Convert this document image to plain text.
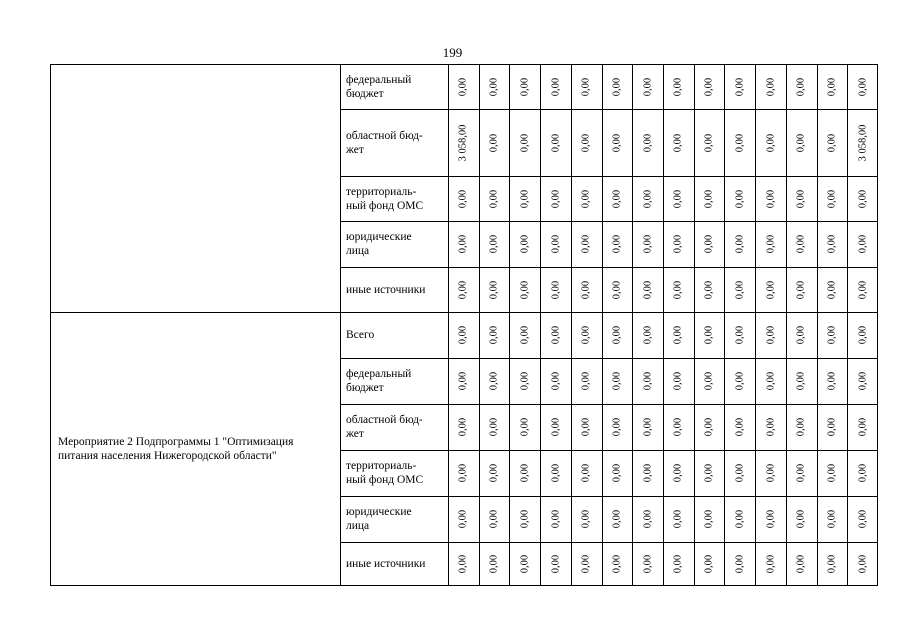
199
федеральный
бюджет	0,00 0,00 0,00 0,00 0,00 0,00 0,00 0,00 0,00 0,00 0,00 0,00 0,00 0,00
областной бюд-
жет	3 058,00 0,00 0,00 0,00 0,00 0,00 0,00 0,00 0,00 0,00 0,00 0,00 0,00 3 058,00
территориаль-
ный фонд ОМС	0,00 0,00 0,00 0,00 0,00 0,00 0,00 0,00 0,00 0,00 0,00 0,00 0,00 0,00
юридические
лица	0,00 0,00 0,00 0,00 0,00 0,00 0,00 0,00 0,00 0,00 0,00 0,00 0,00 0,00
иные источники	0,00 0,00 0,00 0,00 0,00 0,00 0,00 0,00 0,00 0,00 0,00 0,00 0,00 0,00
Мероприятие 2 Подпрограммы 1 "Оптимизация
питания населения Нижегородской области"
Всего	0,00 0,00 0,00 0,00 0,00 0,00 0,00 0,00 0,00 0,00 0,00 0,00 0,00 0,00
федеральный
бюджет	0,00 0,00 0,00 0,00 0,00 0,00 0,00 0,00 0,00 0,00 0,00 0,00 0,00 0,00
областной бюд-
жет	0,00 0,00 0,00 0,00 0,00 0,00 0,00 0,00 0,00 0,00 0,00 0,00 0,00 0,00
территориаль-
ный фонд ОМС	0,00 0,00 0,00 0,00 0,00 0,00 0,00 0,00 0,00 0,00 0,00 0,00 0,00 0,00
юридические
лица	0,00 0,00 0,00 0,00 0,00 0,00 0,00 0,00 0,00 0,00 0,00 0,00 0,00 0,00
иные источники	0,00 0,00 0,00 0,00 0,00 0,00 0,00 0,00 0,00 0,00 0,00 0,00 0,00 0,00
